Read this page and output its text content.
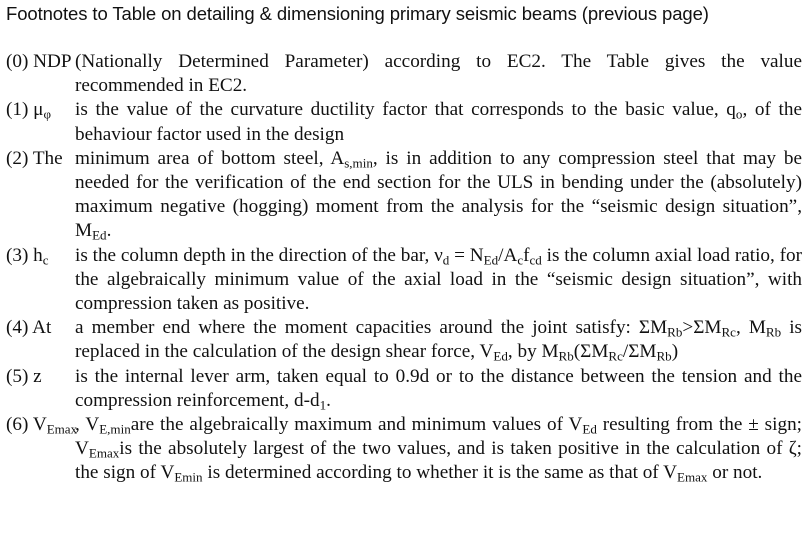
Footnotes to Table on detailing & dimensioning primary seismic beams (previous page)
(0) NDP (Nationally Determined Parameter) according to EC2. The Table gives the value recommended in EC2.
(1) $\mu_\varphi$ is the value of the curvature ductility factor that corresponds to the basic value, $q_o$, of the behaviour factor used in the design
(2) The minimum area of bottom steel, $A_{s,min}$, is in addition to any compression steel that may be needed for the verification of the end section for the ULS in bending under the (absolutely) maximum negative (hogging) moment from the analysis for the “seismic design situation”, $M_{Ed}$.
(3) $h_c$ is the column depth in the direction of the bar, $\nu_d = N_{Ed}/A_cf_{cd}$ is the column axial load ratio, for the algebraically minimum value of the axial load in the “seismic design situation”, with compression taken as positive.
(4) At a member end where the moment capacities around the joint satisfy: $\Sigma M_{Rb}>\Sigma M_{Rc}$, $M_{Rb}$ is replaced in the calculation of the design shear force, $V_{Ed}$, by $M_{Rb}(\Sigma M_{Rc}/\Sigma M_{Rb})$
(5) z is the internal lever arm, taken equal to 0.9d or to the distance between the tension and the compression reinforcement, $d-d_1$.
(6) $V_{Emax}$
, $V_{E,min}are$ the algebraically maximum and minimum values of $V_{Ed}$ resulting from the ± sign; $V_{Emax}is$ the absolutely largest of the two values, and is taken positive in the calculation of ζ; the sign of $V_{Emin}$ is determined according to whether it is the same as that of $V_{Emax}$ or not.
